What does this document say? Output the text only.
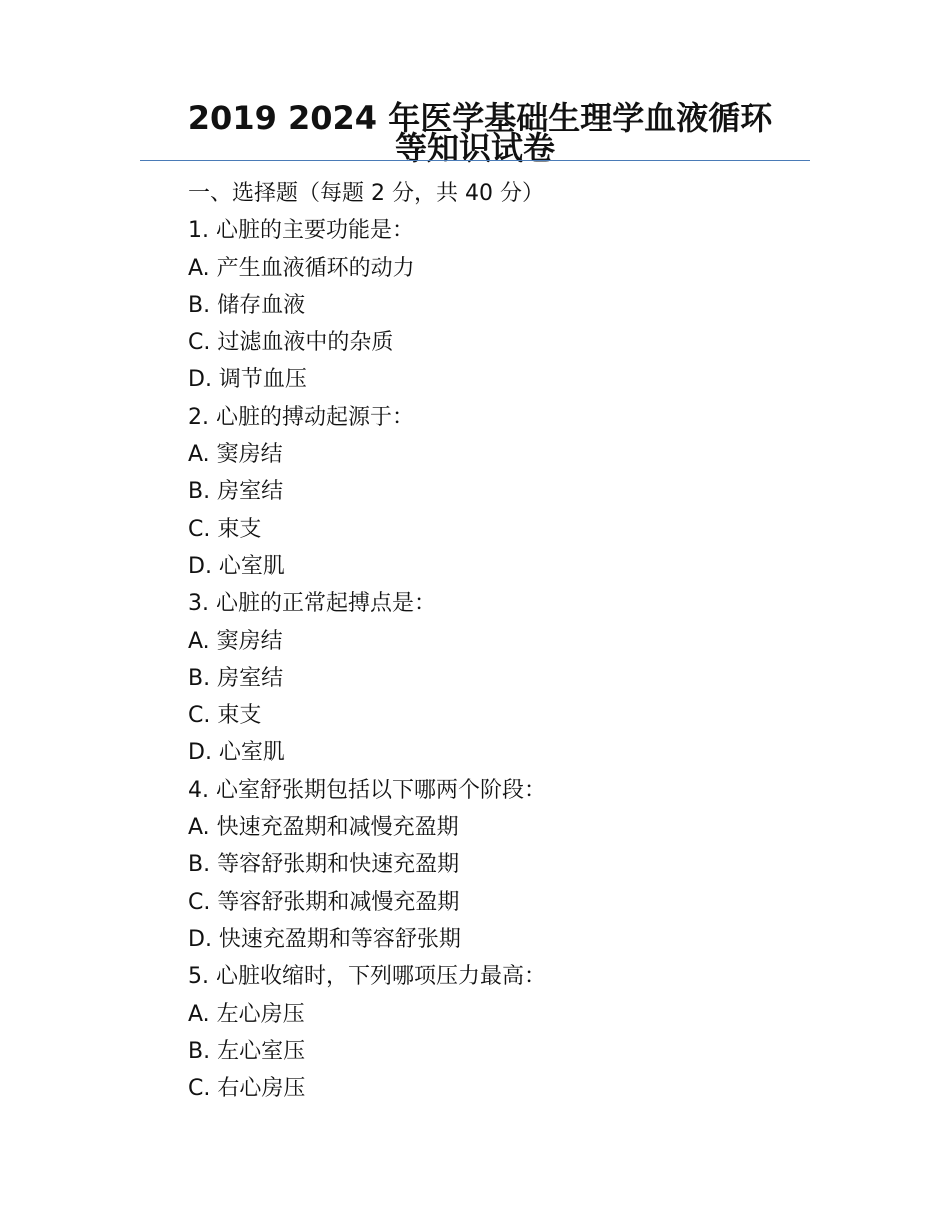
2019 2024 年医学基础生理学血液循环
等知识试卷
一、选择题（每题 2 分，共 40 分）
1. 心脏的主要功能是：
A. 产生血液循环的动力
B. 储存血液
C. 过滤血液中的杂质
D. 调节血压
2. 心脏的搏动起源于：
A. 窦房结
B. 房室结
C. 束支
D. 心室肌
3. 心脏的正常起搏点是：
A. 窦房结
B. 房室结
C. 束支
D. 心室肌
4. 心室舒张期包括以下哪两个阶段：
A. 快速充盈期和减慢充盈期
B. 等容舒张期和快速充盈期
C. 等容舒张期和减慢充盈期
D. 快速充盈期和等容舒张期
5. 心脏收缩时，下列哪项压力最高：
A. 左心房压
B. 左心室压
C. 右心房压
